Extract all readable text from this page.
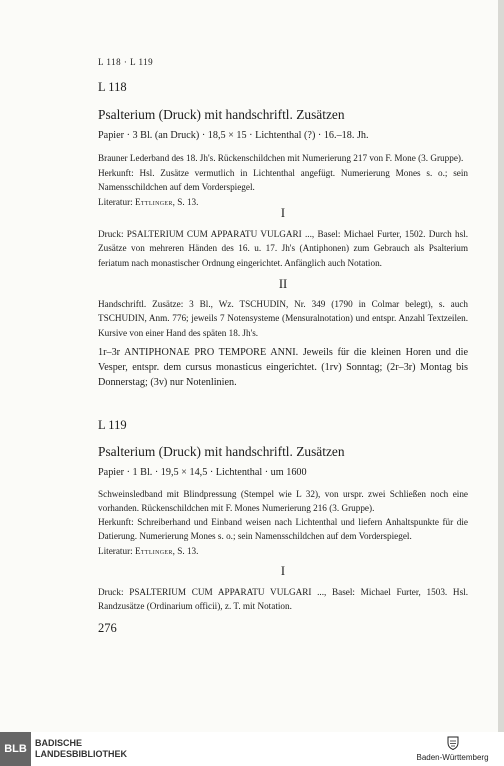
L 118 · L 119
L 118
Psalterium (Druck) mit handschriftl. Zusätzen
Papier · 3 Bl. (an Druck) · 18,5 × 15 · Lichtenthal (?) · 16.–18. Jh.
Brauner Lederband des 18. Jh's. Rückenschildchen mit Numerierung 217 von F. Mone (3. Gruppe).
Herkunft: Hsl. Zusätze vermutlich in Lichtenthal angefügt. Numerierung Mones s. o.; sein Namensschildchen auf dem Vorderspiegel.
Literatur: Ettlinger, S. 13.
I
Druck: PSALTERIUM CUM APPARATU VULGARI ..., Basel: Michael Furter, 1502. Durch hsl. Zusätze von mehreren Händen des 16. u. 17. Jh's (Antiphonen) zum Gebrauch als Psalterium feriatum nach monastischer Ordnung eingerichtet. Anfänglich auch Notation.
II
Handschriftl. Zusätze: 3 Bl., Wz. TSCHUDIN, Nr. 349 (1790 in Colmar belegt), s. auch TSCHUDIN, Anm. 776; jeweils 7 Notensysteme (Mensuralnotation) und entspr. Anzahl Textzeilen. Kursive von einer Hand des späten 18. Jh's.
1r–3r ANTIPHONAE PRO TEMPORE ANNI. Jeweils für die kleinen Horen und die Vesper, entspr. dem cursus monasticus eingerichtet. (1rv) Sonntag; (2r–3r) Montag bis Donnerstag; (3v) nur Notenlinien.
L 119
Psalterium (Druck) mit handschriftl. Zusätzen
Papier · 1 Bl. · 19,5 × 14,5 · Lichtenthal · um 1600
Schweinsledband mit Blindpressung (Stempel wie L 32), von urspr. zwei Schließen noch eine vorhanden. Rückenschildchen mit F. Mones Numerierung 216 (3. Gruppe).
Herkunft: Schreiberhand und Einband weisen nach Lichtenthal und liefern Anhaltspunkte für die Datierung. Numerierung Mones s. o.; sein Namensschildchen auf dem Vorderspiegel.
Literatur: Ettlinger, S. 13.
I
Druck: PSALTERIUM CUM APPARATU VULGARI ..., Basel: Michael Furter, 1503. Hsl. Randzusätze (Ordinarium officii), z. T. mit Notation.
276
BLB BADISCHE
LANDESBIBLIOTHEK	Baden-Württemberg
